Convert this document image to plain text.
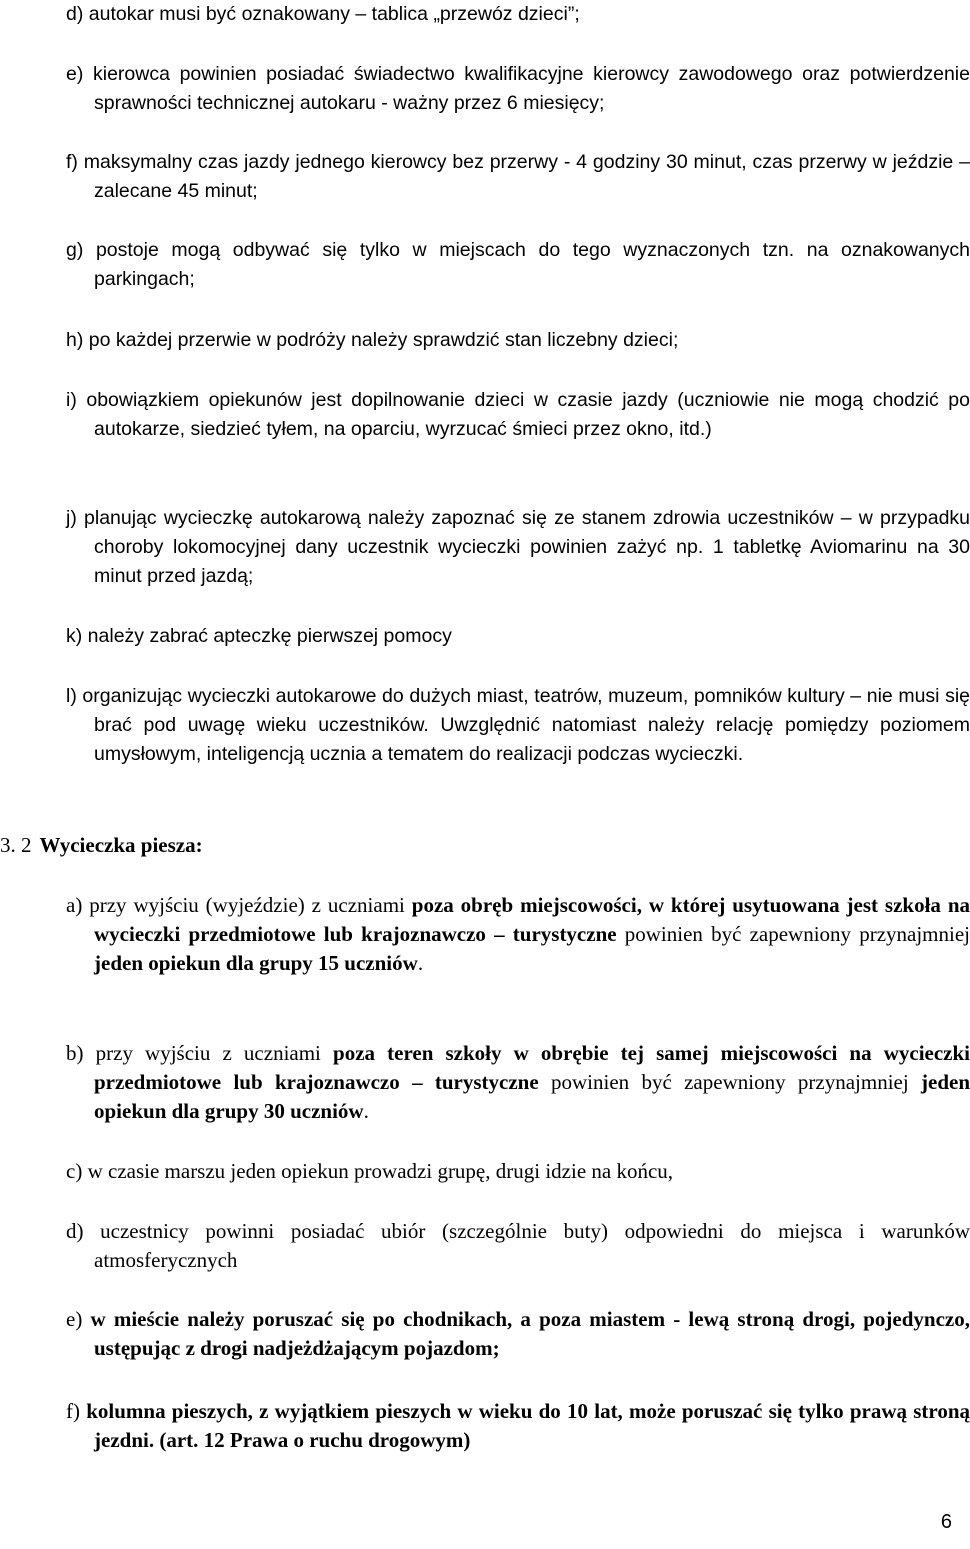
d) autokar musi być oznakowany – tablica „przewóz dzieci”;
e) kierowca powinien posiadać świadectwo kwalifikacyjne kierowcy zawodowego oraz potwierdzenie sprawności technicznej autokaru - ważny przez 6 miesięcy;
f) maksymalny czas jazdy jednego kierowcy bez przerwy - 4 godziny 30 minut, czas przerwy w jeździe – zalecane 45 minut;
g) postoje mogą odbywać się tylko w miejscach do tego wyznaczonych tzn. na oznakowanych parkingach;
h) po każdej przerwie w podróży należy sprawdzić stan liczebny dzieci;
i) obowiązkiem opiekunów jest dopilnowanie dzieci w czasie jazdy (uczniowie nie mogą chodzić po autokarze, siedzieć tyłem, na oparciu, wyrzucać śmieci przez okno, itd.)
j) planując wycieczkę autokarową należy zapoznać się ze stanem zdrowia uczestników – w przypadku choroby lokomocyjnej dany uczestnik wycieczki powinien zażyć np. 1 tabletkę Aviomarinu na 30 minut przed jazdą;
k) należy zabrać apteczkę pierwszej pomocy
l) organizując wycieczki autokarowe do dużych miast, teatrów, muzeum, pomników kultury – nie musi się brać pod uwagę wieku uczestników. Uwzględnić natomiast należy relację pomiędzy poziomem umysłowym, inteligencją ucznia a tematem do realizacji podczas wycieczki.
3. 2 Wycieczka piesza:
a) przy wyjściu (wyjeździe) z uczniami poza obręb miejscowości, w której usytuowana jest szkoła na wycieczki przedmiotowe lub krajoznawczo – turystyczne powinien być zapewniony przynajmniej jeden opiekun dla grupy 15 uczniów.
b) przy wyjściu z uczniami poza teren szkoły w obrębie tej samej miejscowości na wycieczki przedmiotowe lub krajoznawczo – turystyczne powinien być zapewniony przynajmniej jeden opiekun dla grupy 30 uczniów.
c) w czasie marszu jeden opiekun prowadzi grupę, drugi idzie na końcu,
d) uczestnicy powinni posiadać ubiór (szczególnie buty) odpowiedni do miejsca i warunków atmosferycznych
e) w mieście należy poruszać się po chodnikach, a poza miastem - lewą stroną drogi, pojedynczo, ustępując z drogi nadjeżdżającym pojazdom;
f) kolumna pieszych, z wyjątkiem pieszych w wieku do 10 lat, może poruszać się tylko prawą stroną jezdni. (art. 12 Prawa o ruchu drogowym)
6
